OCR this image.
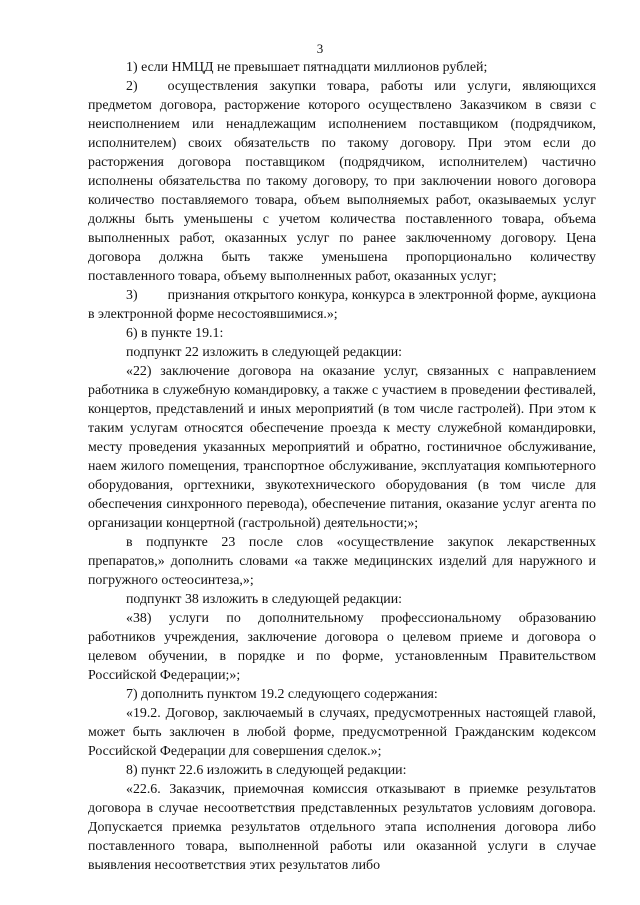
3

1) если НМЦД не превышает пятнадцати миллионов рублей;

2) осуществления закупки товара, работы или услуги, являющихся предметом договора, расторжение которого осуществлено Заказчиком в связи с неисполнением или ненадлежащим исполнением поставщиком (подрядчиком, исполнителем) своих обязательств по такому договору. При этом если до расторжения договора поставщиком (подрядчиком, исполнителем) частично исполнены обязательства по такому договору, то при заключении нового договора количество поставляемого товара, объем выполняемых работ, оказываемых услуг должны быть уменьшены с учетом количества поставленного товара, объема выполненных работ, оказанных услуг по ранее заключенному договору. Цена договора должна быть также уменьшена пропорционально количеству поставленного товара, объему выполненных работ, оказанных услуг;

3) признания открытого конкура, конкурса в электронной форме, аукциона в электронной форме несостоявшимися.»;

6) в пункте 19.1:

подпункт 22 изложить в следующей редакции:

«22) заключение договора на оказание услуг, связанных с направлением работника в служебную командировку, а также с участием в проведении фестивалей, концертов, представлений и иных мероприятий (в том числе гастролей). При этом к таким услугам относятся обеспечение проезда к месту служебной командировки, месту проведения указанных мероприятий и обратно, гостиничное обслуживание, наем жилого помещения, транспортное обслуживание, эксплуатация компьютерного оборудования, оргтехники, звукотехнического оборудования (в том числе для обеспечения синхронного перевода), обеспечение питания, оказание услуг агента по организации концертной (гастрольной) деятельности;»;

в подпункте 23 после слов «осуществление закупок лекарственных препаратов,» дополнить словами «а также медицинских изделий для наружного и погружного остеосинтеза,»;

подпункт 38 изложить в следующей редакции:

«38) услуги по дополнительному профессиональному образованию работников учреждения, заключение договора о целевом приеме и договора о целевом обучении, в порядке и по форме, установленным Правительством Российской Федерации;»;

7) дополнить пунктом 19.2 следующего содержания:

«19.2. Договор, заключаемый в случаях, предусмотренных настоящей главой, может быть заключен в любой форме, предусмотренной Гражданским кодексом Российской Федерации для совершения сделок.»;

8) пункт 22.6 изложить в следующей редакции:

«22.6. Заказчик, приемочная комиссия отказывают в приемке результатов договора в случае несоответствия представленных результатов условиям договора. Допускается приемка результатов отдельного этапа исполнения договора либо поставленного товара, выполненной работы или оказанной услуги в случае выявления несоответствия этих результатов либо
